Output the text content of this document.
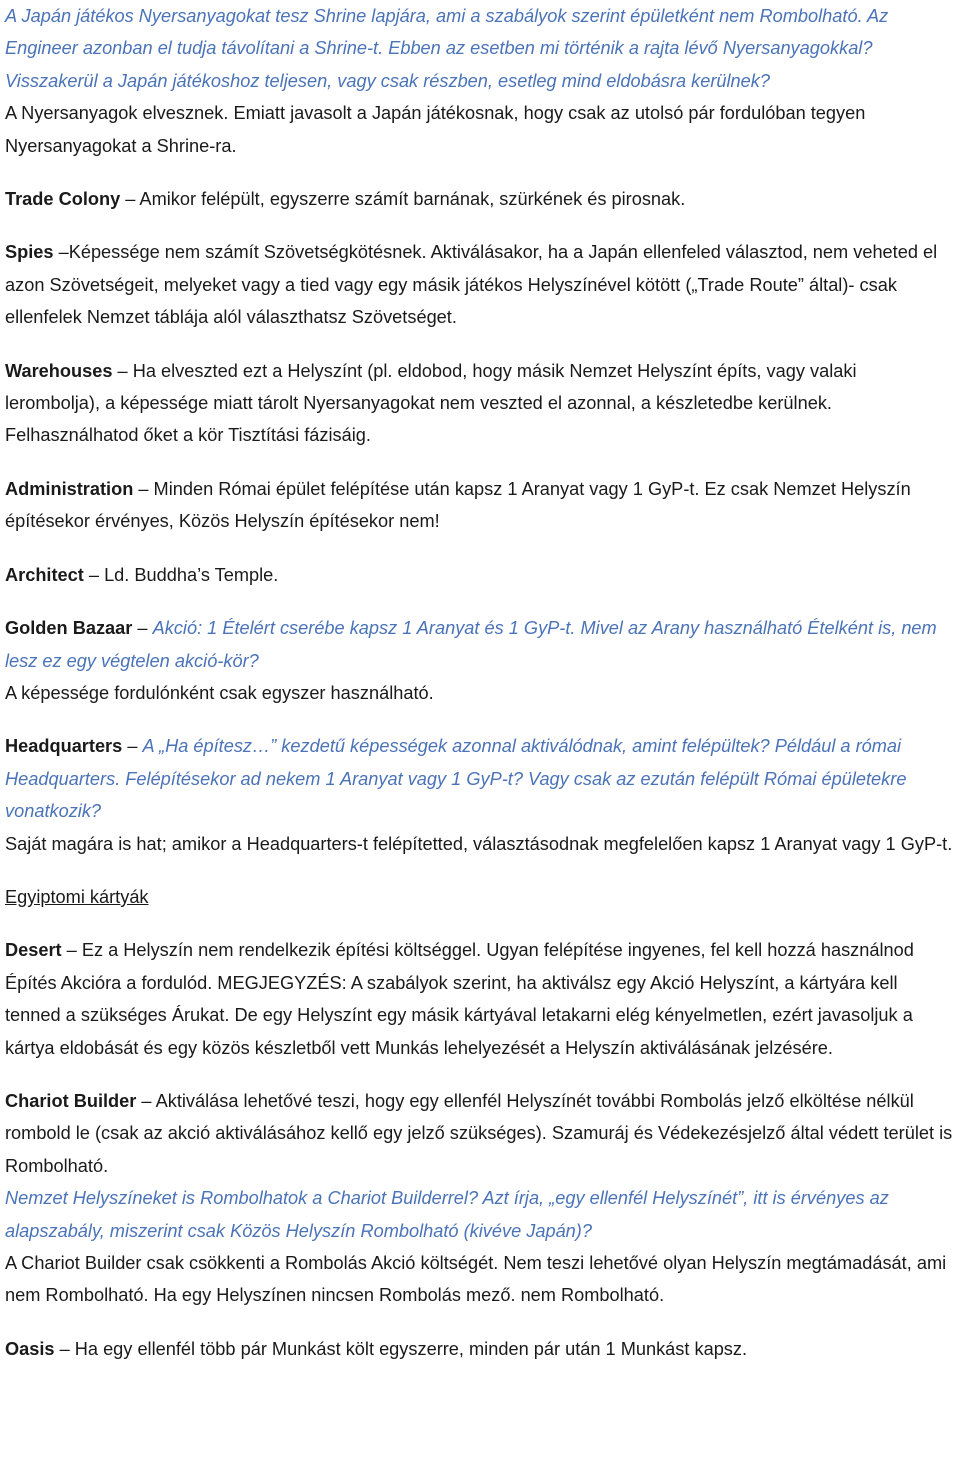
A Japán játékos Nyersanyagokat tesz Shrine lapjára, ami a szabályok szerint épületként nem Rombolható. Az Engineer azonban el tudja távolítani a Shrine-t. Ebben az esetben mi történik a rajta lévő Nyersanyagokkal? Visszakerül a Japán játékoshoz teljesen, vagy csak részben, esetleg mind eldobásra kerülnek?

A Nyersanyagok elvesznek. Emiatt javasolt a Japán játékosnak, hogy csak az utolsó pár fordulóban tegyen Nyersanyagokat a Shrine-ra.

Trade Colony – Amikor felépült, egyszerre számít barnának, szürkének és pirosnak.

Spies –Képessége nem számít Szövetségkötésnek. Aktiválásakor, ha a Japán ellenfeled választod, nem veheted el azon Szövetségeit, melyeket vagy a tied vagy egy másik játékos Helyszínével kötött („Trade Route” által)- csak ellenfelek Nemzet táblája alól választhatsz Szövetséget.

Warehouses – Ha elveszted ezt a Helyszínt (pl. eldobod, hogy másik Nemzet Helyszínt építs, vagy valaki lerombolja), a képessége miatt tárolt Nyersanyagokat nem veszted el azonnal, a készletedbe kerülnek. Felhasználhatod őket a kör Tisztítási fázisáig.

Administration – Minden Római épület felépítése után kapsz 1 Aranyat vagy 1 GyP-t. Ez csak Nemzet Helyszín építésekor érvényes, Közös Helyszín építésekor nem!

Architect – Ld. Buddha’s Temple.

Golden Bazaar – Akció: 1 Ételért cserébe kapsz 1 Aranyat és 1 GyP-t. Mivel az Arany használható Ételként is, nem lesz ez egy végtelen akció-kör?

A képessége fordulónként csak egyszer használható.

Headquarters – A „Ha építesz…” kezdetű képességek azonnal aktiválódnak, amint felépültek? Például a római Headquarters. Felépítésekor ad nekem 1 Aranyat vagy 1 GyP-t? Vagy csak az ezután felépült Római épületekre vonatkozik?

Saját magára is hat; amikor a Headquarters-t felépítetted, választásodnak megfelelően kapsz 1 Aranyat vagy 1 GyP-t.

Egyiptomi kártyák

Desert – Ez a Helyszín nem rendelkezik építési költséggel. Ugyan felépítése ingyenes, fel kell hozzá használnod Építés Akcióra a fordulód. MEGJEGYZÉS: A szabályok szerint, ha aktiválsz egy Akció Helyszínt, a kártyára kell tenned a szükséges Árukat. De egy Helyszínt egy másik kártyával letakarni elég kényelmetlen, ezért javasoljuk a kártya eldobását és egy közös készletből vett Munkás lehelyezését a Helyszín aktiválásának jelzésére.

Chariot Builder – Aktiválása lehetővé teszi, hogy egy ellenfél Helyszínét további Rombolás jelző elköltése nélkül rombold le (csak az akció aktiválásához kellő egy jelző szükséges). Szamuráj és Védekezésjelző által védett terület is Rombolható.

Nemzet Helyszíneket is Rombolhatok a Chariot Builderrel? Azt írja, „egy ellenfél Helyszínét”, itt is érvényes az alapszabály, miszerint csak Közös Helyszín Rombolható (kivéve Japán)?

A Chariot Builder csak csökkenti a Rombolás Akció költségét. Nem teszi lehetővé olyan Helyszín megtámadását, ami nem Rombolható. Ha egy Helyszínen nincsen Rombolás mező. nem Rombolható.

Oasis – Ha egy ellenfél több pár Munkást költ egyszerre, minden pár után 1 Munkást kapsz.
